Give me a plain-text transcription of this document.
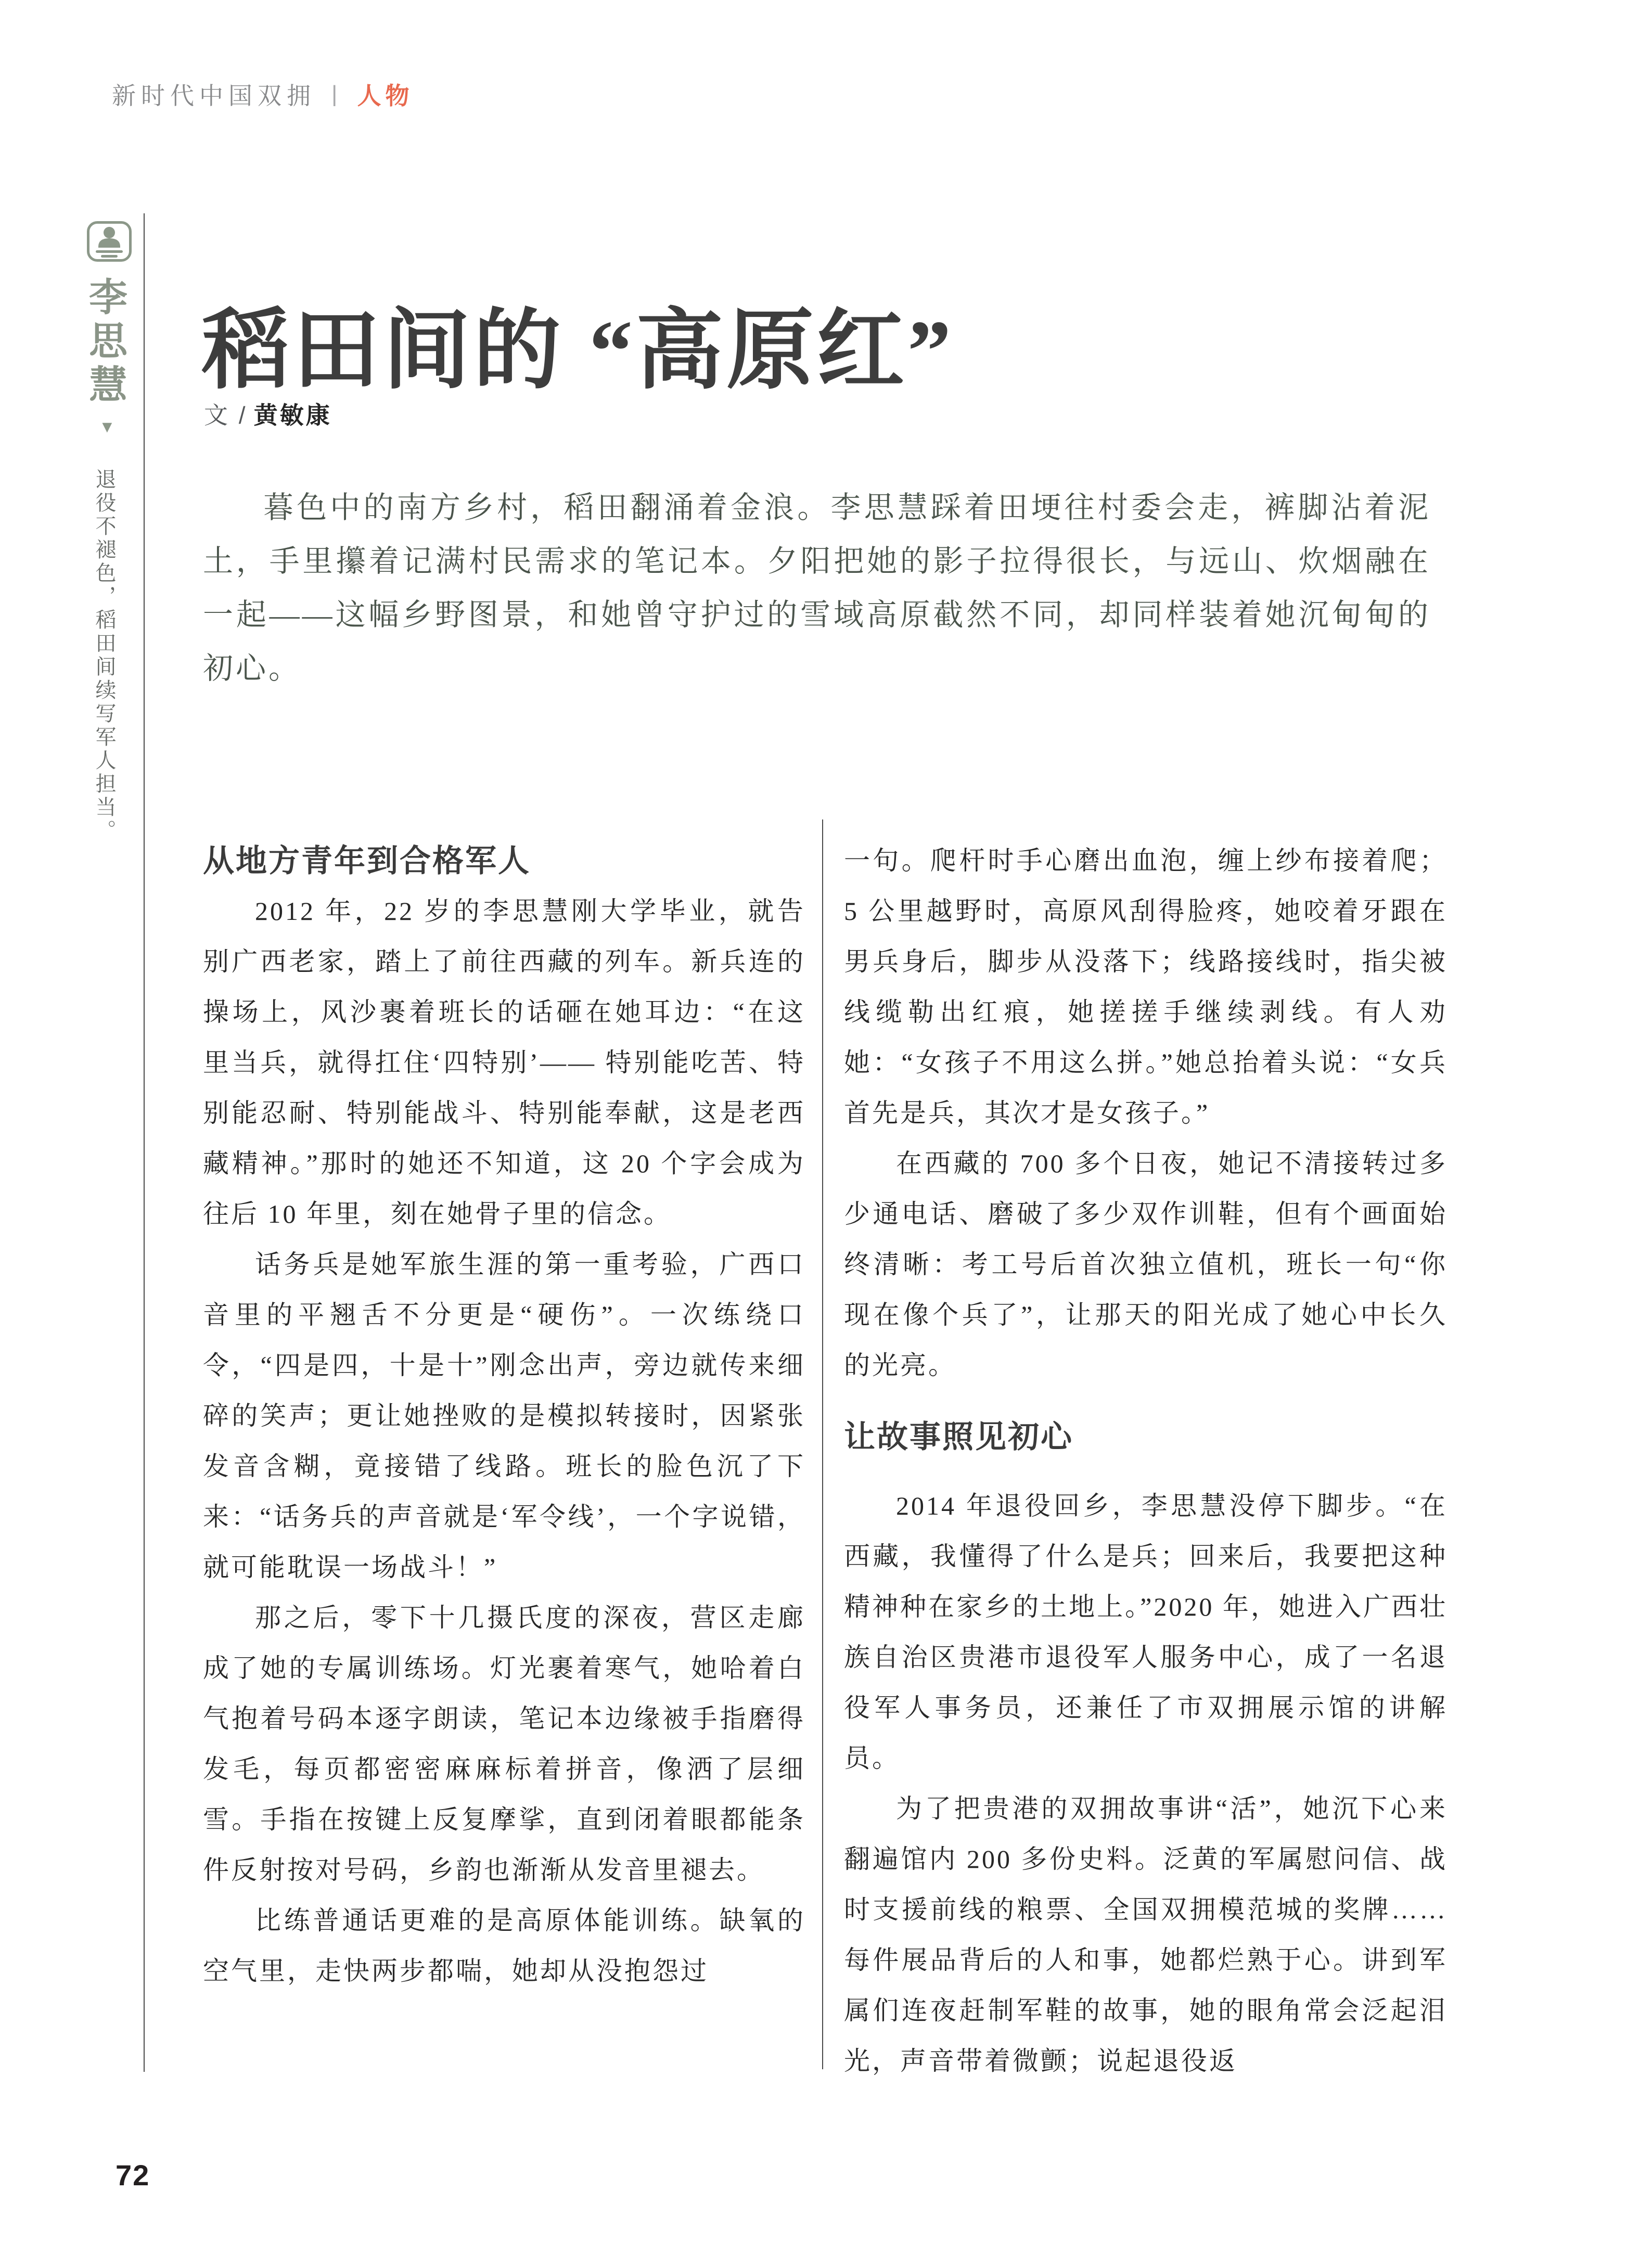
新时代中国双拥 | 人物
李思慧
▼
退役不褪色，稻田间续写军人担当。
稻田间的 “高原红”
文 / 黄敏康
暮色中的南方乡村，稻田翻涌着金浪。李思慧踩着田埂往村委会走，裤脚沾着泥土，手里攥着记满村民需求的笔记本。夕阳把她的影子拉得很长，与远山、炊烟融在一起——这幅乡野图景，和她曾守护过的雪域高原截然不同，却同样装着她沉甸甸的初心。
从地方青年到合格军人

2012 年，22 岁的李思慧刚大学毕业，就告别广西老家，踏上了前往西藏的列车。新兵连的操场上，风沙裹着班长的话砸在她耳边：“在这里当兵，就得扛住‘四特别’—— 特别能吃苦、特别能忍耐、特别能战斗、特别能奉献，这是老西藏精神。”那时的她还不知道，这 20 个字会成为往后 10 年里，刻在她骨子里的信念。

话务兵是她军旅生涯的第一重考验，广西口音里的平翘舌不分更是“硬伤”。一次练绕口令，“四是四，十是十”刚念出声，旁边就传来细碎的笑声；更让她挫败的是模拟转接时，因紧张发音含糊，竟接错了线路。班长的脸色沉了下来：“话务兵的声音就是‘军令线’，一个字说错，就可能耽误一场战斗！”

那之后，零下十几摄氏度的深夜，营区走廊成了她的专属训练场。灯光裹着寒气，她哈着白气抱着号码本逐字朗读，笔记本边缘被手指磨得发毛，每页都密密麻麻标着拼音，像洒了层细雪。手指在按键上反复摩挲，直到闭着眼都能条件反射按对号码，乡韵也渐渐从发音里褪去。

比练普通话更难的是高原体能训练。缺氧的空气里，走快两步都喘，她却从没抱怨过

一句。爬杆时手心磨出血泡，缠上纱布接着爬；5 公里越野时，高原风刮得脸疼，她咬着牙跟在男兵身后，脚步从没落下；线路接线时，指尖被线缆勒出红痕，她搓搓手继续剥线。有人劝她：“女孩子不用这么拼。”她总抬着头说：“女兵首先是兵，其次才是女孩子。”

在西藏的 700 多个日夜，她记不清接转过多少通电话、磨破了多少双作训鞋，但有个画面始终清晰：考工号后首次独立值机，班长一句“你现在像个兵了”，让那天的阳光成了她心中长久的光亮。

让故事照见初心

2014 年退役回乡，李思慧没停下脚步。“在西藏，我懂得了什么是兵；回来后，我要把这种精神种在家乡的土地上。”2020 年，她进入广西壮族自治区贵港市退役军人服务中心，成了一名退役军人事务员，还兼任了市双拥展示馆的讲解员。

为了把贵港的双拥故事讲“活”，她沉下心来翻遍馆内 200 多份史料。泛黄的军属慰问信、战时支援前线的粮票、全国双拥模范城的奖牌…… 每件展品背后的人和事，她都烂熟于心。讲到军属们连夜赶制军鞋的故事，她的眼角常会泛起泪光，声音带着微颤；说起退役返

72
